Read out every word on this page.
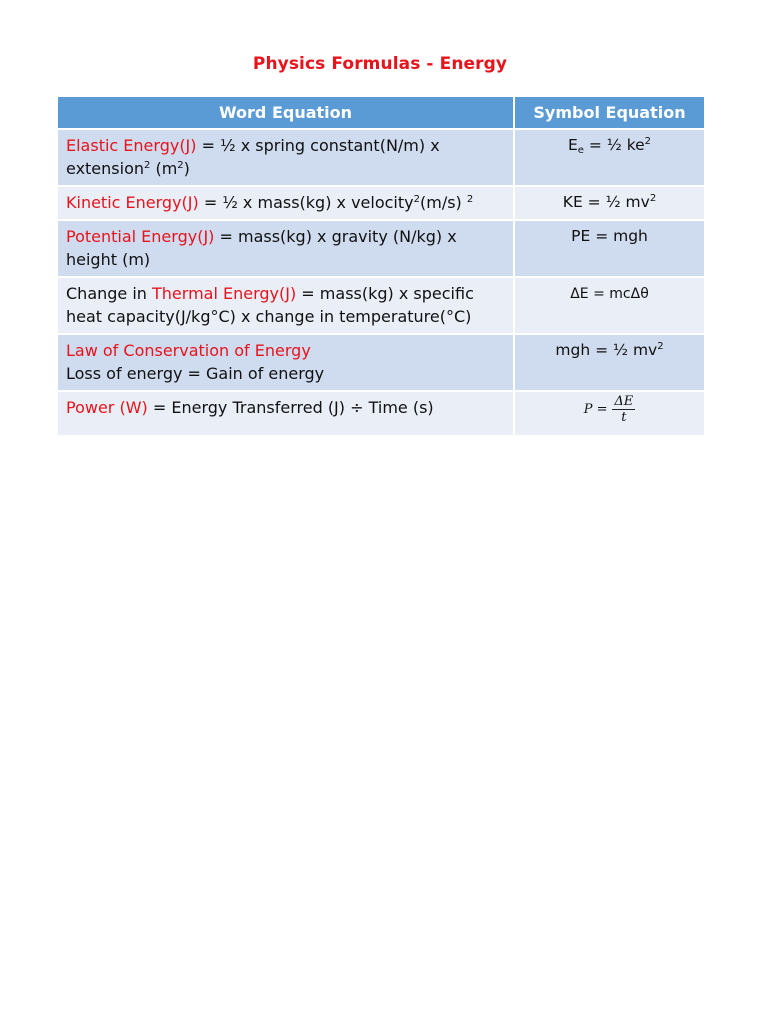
Physics Formulas - Energy
Word Equation	Symbol Equation
Elastic Energy(J) = ½ x spring constant(N/m) x extension$^2$ $(m^2)$	$E_e$ = ½ $ke^2$
Kinetic Energy(J) = ½ x mass(kg) x velocity$^2$(m/s) $^2$	KE = ½ $mv^2$
Potential Energy(J) = mass(kg) x gravity (N/kg) x height (m)	PE = mgh
Change in Thermal Energy(J) = mass(kg) x specific heat capacity(J/kg°C) x change in temperature(°C)	ΔE = mcΔθ
Law of Conservation of Energy
Loss of energy = Gain of energy	mgh = ½ $mv^2$
Power (W) = Energy Transferred (J) ÷ Time (s)	$P = \frac{\Delta E}{t}$
